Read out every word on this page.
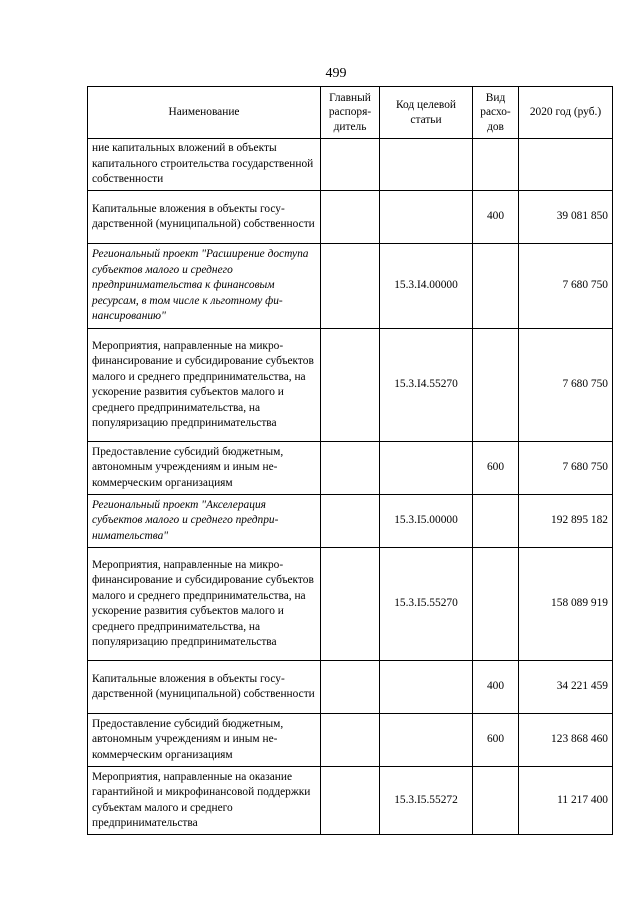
499
Наименование	Главный распоря-дитель	Код целевой статьи	Вид расхо-дов	2020 год (руб.)
ние капитальных вложений в объекты капитального строительства государственной собственности				
Капитальные вложения в объекты государственной (муниципальной) собственности			400	39 081 850
Региональный проект "Расширение доступа субъектов малого и среднего предпринимательства к финансовым ресурсам, в том числе к льготному финансированию"		15.3.I4.00000		7 680 750
Мероприятия, направленные на микрофинансирование и субсидирование субъектов малого и среднего предпринимательства, на ускорение развития субъектов малого и среднего предпринимательства, на популяризацию предпринимательства		15.3.I4.55270		7 680 750
Предоставление субсидий бюджетным, автономным учреждениям и иным некоммерческим организациям			600	7 680 750
Региональный проект "Акселерация субъектов малого и среднего предпринимательства"		15.3.I5.00000		192 895 182
Мероприятия, направленные на микрофинансирование и субсидирование субъектов малого и среднего предпринимательства, на ускорение развития субъектов малого и среднего предпринимательства, на популяризацию предпринимательства		15.3.I5.55270		158 089 919
Капитальные вложения в объекты государственной (муниципальной) собственности			400	34 221 459
Предоставление субсидий бюджетным, автономным учреждениям и иным некоммерческим организациям			600	123 868 460
Мероприятия, направленные на оказание гарантийной и микрофинансовой поддержки субъектам малого и среднего предпринимательства		15.3.I5.55272		11 217 400
